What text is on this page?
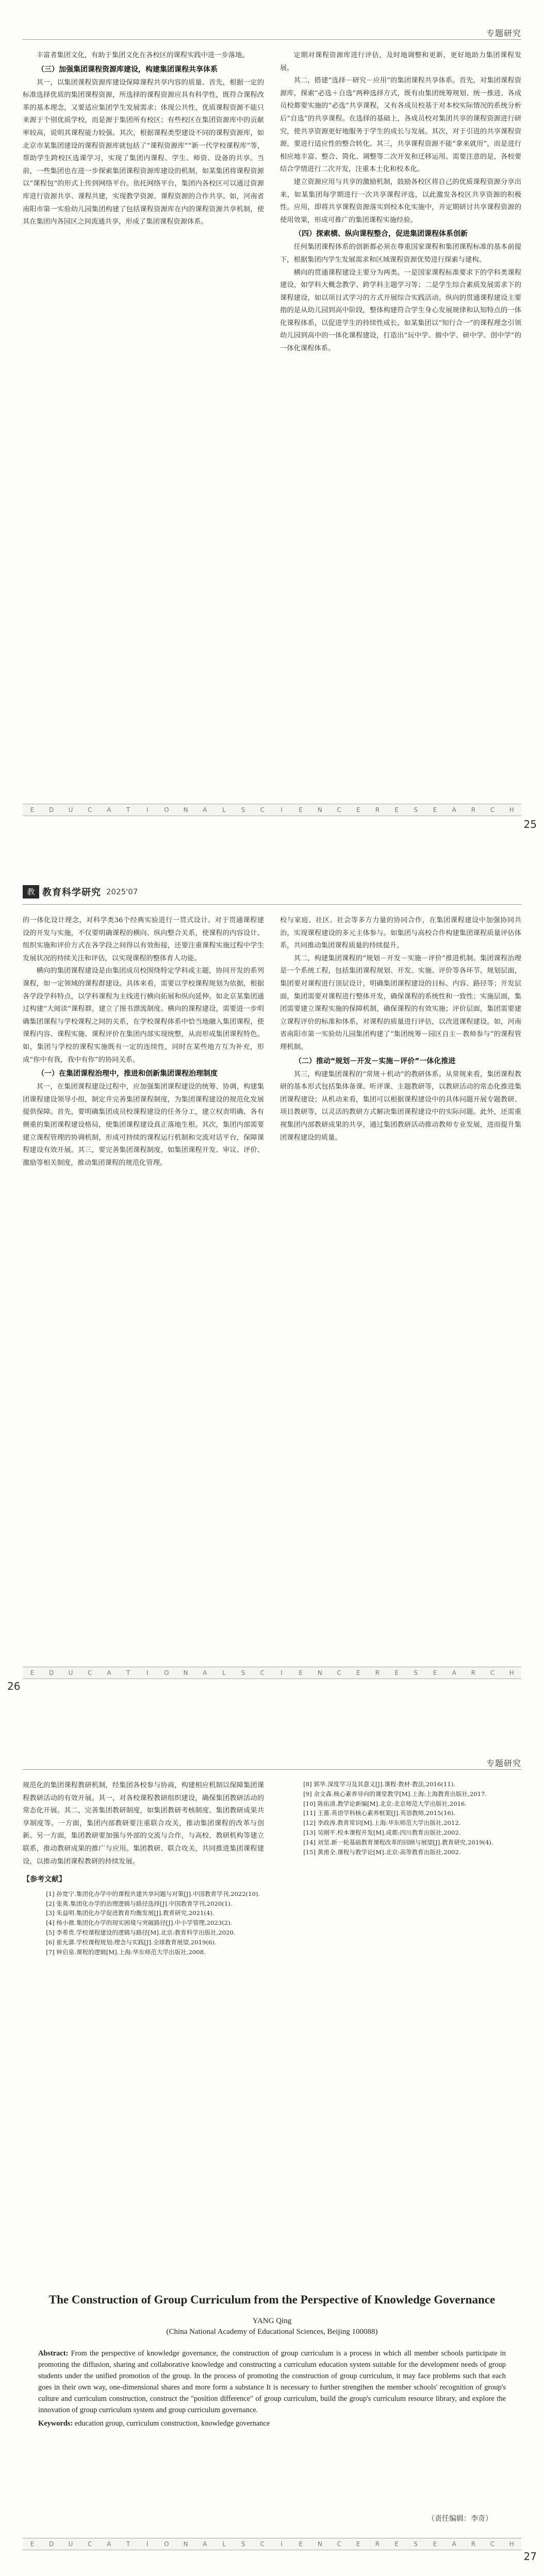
专题研究

丰富者集团文化，有助于集团文化在各校区的课程实践中进一步落地。

（三）加强集团课程资源库建设，构建集团课程共享体系

其一，以集团课程资源库建设保障课程共享内容的质量、首先，根据一定的标准选择优质的集团课程资源，所选择的课程资源应具有科学性，既符合课程改革的基本理念，又要适应集团学生发展需求；体现公共性，优质课程资源不能只来源于个别优质学校，而是源于集团所有校区；有些校区在集团资源库中的贡献率较高，说明其课程能力较强。其次，根据课程类型建设不同的课程资源库，如北京市某集团建设的课程资源库就包括了“课程资源库”“新一代学校课程库”等，帮助学生跨校区选课学习，实现了集团内课程、学生、师资、设备的共享。当前，一些集团也在进一步探索集团课程资源库建设的机制，如某集团将课程资源以“课程包”的形式上传到网络平台。依托网络平台，集团内各校区可以通过资源库进行资源共享、课程共建，实现教学资源、课程资源的合作共享。如，河南省南阳市第一实验幼儿园集团构建了包括课程资源库在内的课程资源共享机制，使其在集团内各园区之间流通共享，形成了集团课程资源体系。

定期对课程资源库进行评估，及时地调整和更新，更好地助力集团课程发展。

其二，搭建“选择－研究－应用”的集团课程共享体系。首先，对集团课程资源库，探索“必选＋自选”两种选择方式，既有由集团统筹规划、统一推进、各成员校都要实施的“必选”共享课程，又有各成员校基于对本校实际情况的系统分析后“自选”的共享课程。在选择的基础上，各成员校对集团共享的课程资源进行研究，使共享资源更好地服务于学生的成长与发展。其次，对于引进的共享课程资源，要进行适应性的整合转化。其三，共享课程资源不能“拿来就用”，而是进行相应地丰富、整合、简化、调整等二次开发和迁移运用。需要注意的是，各校要结合学情进行二次开发，注重本土化和校本化。

建立资源应用与共享的激励机制，鼓励各校区将自己的优质课程资源分享出来，如某集团每学期进行一次共享课程评选，以此激发各校区共享资源的积极性。应用，即将共享课程资源落实到校本化实施中，并定期研讨共享课程资源的使用效果，形成可推广的集团课程实施经验。

（四）探索横、纵向课程整合，促进集团课程体系创新

任何集团课程体系的创新都必须在尊重国家课程和集团课程标准的基本前提下，根据集团内学生发展需求和区域课程资源优势进行探索与建构。

横向的贯通课程建设主要分为两类。一是国家课程标准要求下的学科类课程建设，如学科大概念教学、跨学科主题学习等；二是学生综合素质发展需求下的课程建设，如以项目式学习的方式开展综合实践活动。纵向的贯通课程建设主要指的是从幼儿园到高中阶段，整体构建符合学生身心发展规律和认知特点的一体化课程体系，以促进学生的持续性成长。如某集团以“知行合一”的课程理念引领幼儿园到高中的一体化课程建设，打造出“玩中学、做中学、研中学、创中学”的一体化课程体系。

E D U C A T	I	O N A L	S C	I	E N C E R E S E A R C H
25
教 教育科学研究 2025'07

的一体化设计理念，对科学类36个经典实验进行一贯式设计。对于贯通课程建设的开发与实施，不仅要明确课程的横向、纵向整合关系，使课程的内容设计、组织实施和评价方式在各学段之间得以有效衔接，还要注重课程实施过程中学生发展状况的持续关注和评估，以实现课程的整体育人功能。

横向的集团课程建设是由集团成员校围绕特定学科或主题，协同开发的系列课程，如一定领域的课程群建设。具体来看，需要以学校课程规划为依据，根据各学段学科特点，以学科课程为主线进行横向拓展和纵向延伸。如北京某集团通过构建“大阅读”课程群，建立了图书漂流制度。横向的课程建设，需要进一步明确集团课程与学校课程之间的关系，在学校课程体系中恰当地融入集团课程，使课程内容、课程实施、课程评价在集团内部实现统整，从而形成集团课程特色。如，集团与学校的课程实施既有一定的连续性，同时在某些地方互为补充，形成“你中有我，我中有你”的协同关系。

（一）在集团课程治理中，推进和创新集团课程治理制度

其一，在集团课程建设过程中，应加强集团课程建设的统筹、协调，构建集团课程建设领导小组，制定并完善集团课程制度，为集团课程建设的规范化发展提供保障。首先，要明确集团成员校课程建设的任务分工，建立权责明确、各有侧重的集团课程建设格局，使集团课程建设真正落地生根。其次，集团内部需要建立课程管理的协调机制，形成可持续的课程运行机制和交流对话平台，保障课程建设有效开展。其三，要完善集团课程制度，如集团课程开发、审议、评价、激励等相关制度，推动集团课程的规范化管理。

校与家庭、社区、社会等多方力量的协同合作，在集团课程建设中加强协同共治，实现课程建设的多元主体参与。如集团与高校合作构建集团课程质量评估体系，共同推动集团课程质量的持续提升。

其二，构建集团课程的“规划－开发－实施－评价”推进机制。集团课程治理是一个系统工程，包括集团课程规划、开发、实施、评价等各环节。规划层面，集团要对课程进行顶层设计，明确集团课程建设的目标、内容、路径等；开发层面，集团需要对课程进行整体开发，确保课程的系统性和一致性；实施层面，集团需要建立课程实施的保障机制，确保课程的有效实施；评价层面，集团需要建立课程评价的标准和体系，对课程的质量进行评估，以改进课程建设。如，河南省南阳市第一实验幼儿园集团构建了“集团统筹－园区自主－教师参与”的课程管理机制。

（二）推动“规划－开发－实施－评价”一体化推进

其三，构建集团课程的“常规＋机动”的教研体系。从常规来看，集团课程教研的基本形式包括集体备课、听评课、主题教研等，以教研活动的常态化推进集团课程建设；从机动来看，集团可以根据课程建设中的具体问题开展专题教研、项目教研等，以灵活的教研方式解决集团课程建设中的实际问题。此外，还需重视集团内部教研成果的共享，通过集团教研活动推动教师专业发展，进而提升集团课程建设的质量。

E D U C A T	I	O N A L	S C	I	E N C E R E S E A R C H
26
专题研究

规范化的集团课程教研机制，经集团各校参与协商，构建相应机制以保障集团课程教研活动的有效开展。其一，对各校课程教研组织建设，确保集团教研活动的常态化开展。其二，完善集团教研制度，如集团教研考核制度、集团教研成果共享制度等。一方面，集团内部教研要注重联合攻关，推动集团课程的改革与创新。另一方面，集团教研要加强与外部的交流与合作，与高校、教研机构等建立联系，推动教研成果的推广与应用。集团教研、联合攻关，共同推进集团课程建设，以推动集团课程教研的持续发展。

【参考文献】

[1] 孙宽宁.集团化办学中的课程共建共享问题与对策[J].中国教育学刊,2022(10).

[2] 张爽.集团化办学的治理逻辑与路径选择[J].中国教育学刊,2020(1).

[3] 朱益明.集团化办学促进教育均衡发展[J].教育研究,2021(4).

[4] 杨小微.集团化办学的现实困境与突破路径[J].中小学管理,2023(2).

[5] 李希贵.学校课程建设的逻辑与路径[M].北京:教育科学出版社,2020.

[6] 崔允漷.学校课程规划:理念与实践[J].全球教育展望,2019(6).

[7] 钟启泉.课程的逻辑[M].上海:华东师范大学出版社,2008.

[8] 郭华.深度学习及其意义[J].课程·教材·教法,2016(11).

[9] 余文森.核心素养导向的课堂教学[M].上海:上海教育出版社,2017.

[10] 陈佑清.教学论新编[M].北京:北京师范大学出版社,2016.

[11] 王蔷.英语学科核心素养框架[J].英语教师,2015(16).

[12] 李政涛.教育常识[M].上海:华东师范大学出版社,2012.

[13] 吴刚平.校本课程开发[M].成都:四川教育出版社,2002.

[14] 刘坚.新一轮基础教育课程改革的回顾与展望[J].教育研究,2019(4).

[15] 黄甫全.课程与教学论[M].北京:高等教育出版社,2002.

The Construction of Group Curriculum from the Perspective of Knowledge Governance

YANG Qing

(China National Academy of Educational Sciences, Beijing 100088)

Abstract: From the perspective of knowledge governance, the construction of group curriculum is a process in which all member schools participate in promoting the diffusion, sharing and collaborative knowledge and constructing a curriculum education system suitable for the development needs of group students under the unified promotion of the group. In the process of promoting the construction of group curriculum, it may face problems such that each goes in their own way, one-dimensional shares and more form a substance It is necessary to further strengthen the member schools' recognition of group's culture and curriculum construction, construct the "position difference" of group curriculum, build the group's curriculum resource library, and explore the innovation of group curriculum system and group curriculum governance.

Keywords: education group, curriculum construction, knowledge governance

（责任编辑：李奇）
E D U C A T	I	O N A L	S C	I	E N C E R E S E A R C H
27
